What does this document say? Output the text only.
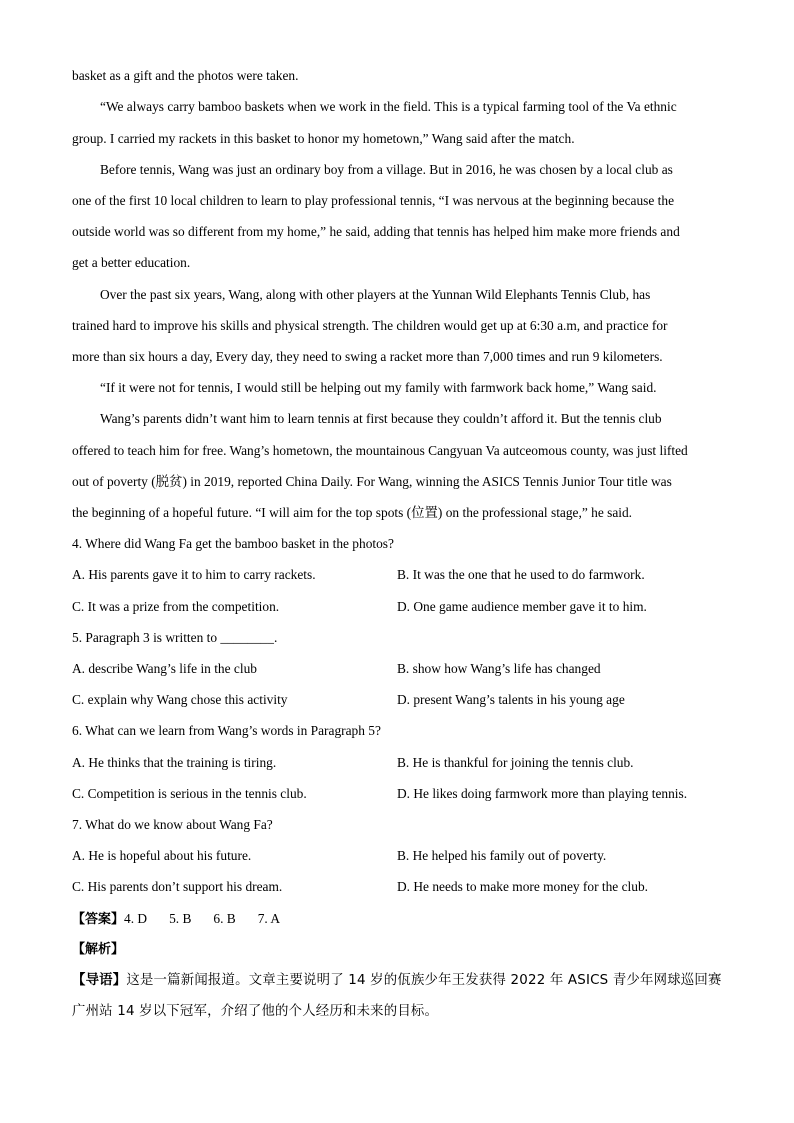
basket as a gift and the photos were taken.
“We always carry bamboo baskets when we work in the field. This is a typical farming tool of the Va ethnic
group. I carried my rackets in this basket to honor my hometown,” Wang said after the match.
Before tennis, Wang was just an ordinary boy from a village. But in 2016, he was chosen by a local club as
one of the first 10 local children to learn to play professional tennis, “I was nervous at the beginning because the
outside world was so different from my home,” he said, adding that tennis has helped him make more friends and
get a better education.
Over the past six years, Wang, along with other players at the Yunnan Wild Elephants Tennis Club, has
trained hard to improve his skills and physical strength. The children would get up at 6:30 a.m, and practice for
more than six hours a day, Every day, they need to swing a racket more than 7,000 times and run 9 kilometers.
“If it were not for tennis, I would still be helping out my family with farmwork back home,” Wang said.
Wang’s parents didn’t want him to learn tennis at first because they couldn’t afford it. But the tennis club
offered to teach him for free. Wang’s hometown, the mountainous Cangyuan Va autceomous county, was just lifted
out of poverty (脱贫) in 2019, reported China Daily. For Wang, winning the ASICS Tennis Junior Tour title was
the beginning of a hopeful future. “I will aim for the top spots (位置) on the professional stage,” he said.
4. Where did Wang Fa get the bamboo basket in the photos?
A. His parents gave it to him to carry rackets.	B. It was the one that he used to do farmwork.
C. It was a prize from the competition.	D. One game audience member gave it to him.
5. Paragraph 3 is written to ________.
A. describe Wang’s life in the club	B. show how Wang’s life has changed
C. explain why Wang chose this activity	D. present Wang’s talents in his young age
6. What can we learn from Wang’s words in Paragraph 5?
A. He thinks that the training is tiring.	B. He is thankful for joining the tennis club.
C. Competition is serious in the tennis club.	D. He likes doing farmwork more than playing tennis.
7. What do we know about Wang Fa?
A. He is hopeful about his future.	B. He helped his family out of poverty.
C. His parents don’t support his dream.	D. He needs to make more money for the club.
【答案】4. D 5. B 6. B 7. A
【解析】
【导语】这是一篇新闻报道。文章主要说明了 14 岁的佤族少年王发获得 2022 年 ASICS 青少年网球巡回赛
广州站 14 岁以下冠军，介绍了他的个人经历和未来的目标。
